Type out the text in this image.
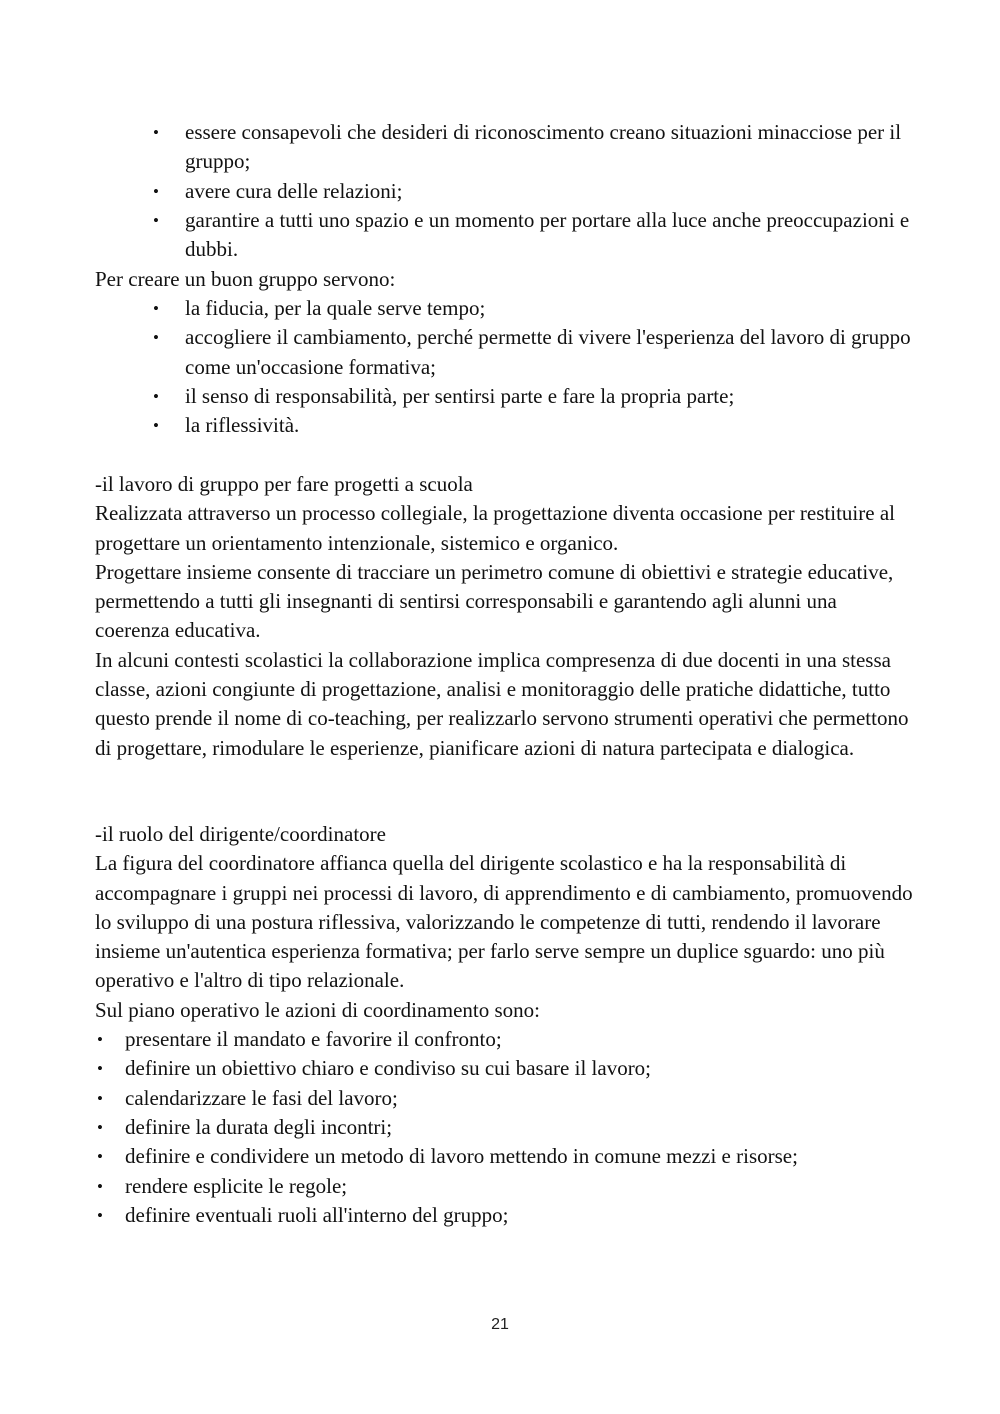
• essere consapevoli che desideri di riconoscimento creano situazioni minacciose per il gruppo;
• avere cura delle relazioni;
• garantire a tutti uno spazio e un momento per portare alla luce anche preoccupazioni e dubbi.

Per creare un buon gruppo servono:

• la fiducia, per la quale serve tempo;
• accogliere il cambiamento, perché permette di vivere l'esperienza del lavoro di gruppo come un'occasione formativa;
• il senso di responsabilità, per sentirsi parte e fare la propria parte;
• la riflessività.

-il lavoro di gruppo per fare progetti a scuola

Realizzata attraverso un processo collegiale, la progettazione diventa occasione per restituire al progettare un orientamento intenzionale, sistemico e organico.

Progettare insieme consente di tracciare un perimetro comune di obiettivi e strategie educative, permettendo a tutti gli insegnanti di sentirsi corresponsabili e garantendo agli alunni una coerenza educativa.

In alcuni contesti scolastici la collaborazione implica compresenza di due docenti in una stessa classe, azioni congiunte di progettazione, analisi e monitoraggio delle pratiche didattiche, tutto questo prende il nome di co-teaching, per realizzarlo servono strumenti operativi che permettono di progettare, rimodulare le esperienze, pianificare azioni di natura partecipata e dialogica.

-il ruolo del dirigente/coordinatore

La figura del coordinatore affianca quella del dirigente scolastico e ha la responsabilità di accompagnare i gruppi nei processi di lavoro, di apprendimento e di cambiamento, promuovendo lo sviluppo di una postura riflessiva, valorizzando le competenze di tutti, rendendo il lavorare insieme un'autentica esperienza formativa; per farlo serve sempre un duplice sguardo: uno più operativo e l'altro di tipo relazionale.

Sul piano operativo le azioni di coordinamento sono:

• presentare il mandato e favorire il confronto;
• definire un obiettivo chiaro e condiviso su cui basare il lavoro;
• calendarizzare le fasi del lavoro;
• definire la durata degli incontri;
• definire e condividere un metodo di lavoro mettendo in comune mezzi e risorse;
• rendere esplicite le regole;
• definire eventuali ruoli all'interno del gruppo;
21
